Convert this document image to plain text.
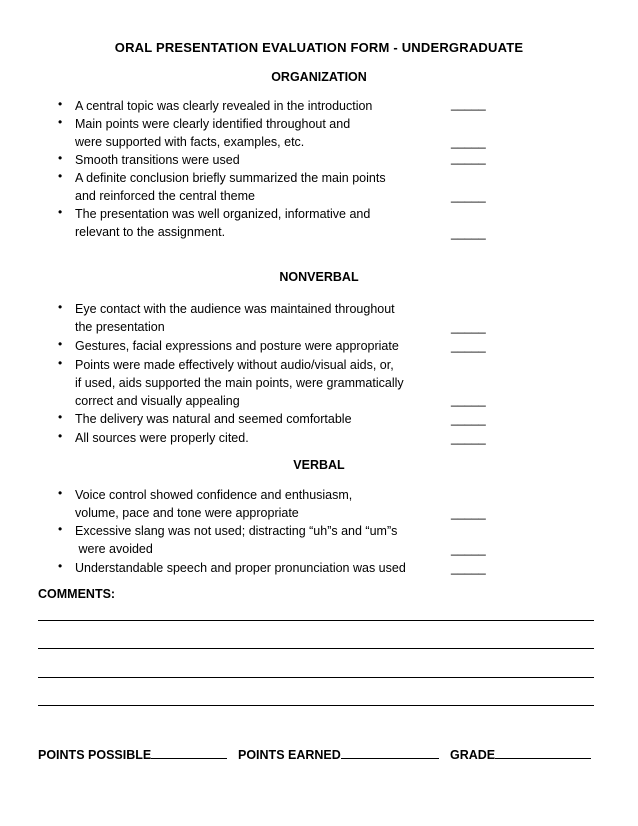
ORAL PRESENTATION EVALUATION FORM - UNDERGRADUATE
ORGANIZATION
• A central topic was clearly revealed in the introduction	_____
• Main points were clearly identified throughout and
were supported with facts, examples, etc.	_____
• Smooth transitions were used	_____
• A definite conclusion briefly summarized the main points
and reinforced the central theme	_____
• The presentation was well organized, informative and
relevant to the assignment.	_____
NONVERBAL
• Eye contact with the audience was maintained throughout
the presentation	_____
• Gestures, facial expressions and posture were appropriate	_____
• Points were made effectively without audio/visual aids, or,
if used, aids supported the main points, were grammatically
correct and visually appealing	_____
• The delivery was natural and seemed comfortable	_____
• All sources were properly cited.	_____
VERBAL
• Voice control showed confidence and enthusiasm,
volume, pace and tone were appropriate	_____
• Excessive slang was not used; distracting “uh”s and “um”s
were avoided	_____
• Understandable speech and proper pronunciation was used	_____
COMMENTS:
POINTS POSSIBLE	POINTS EARNED	GRADE
